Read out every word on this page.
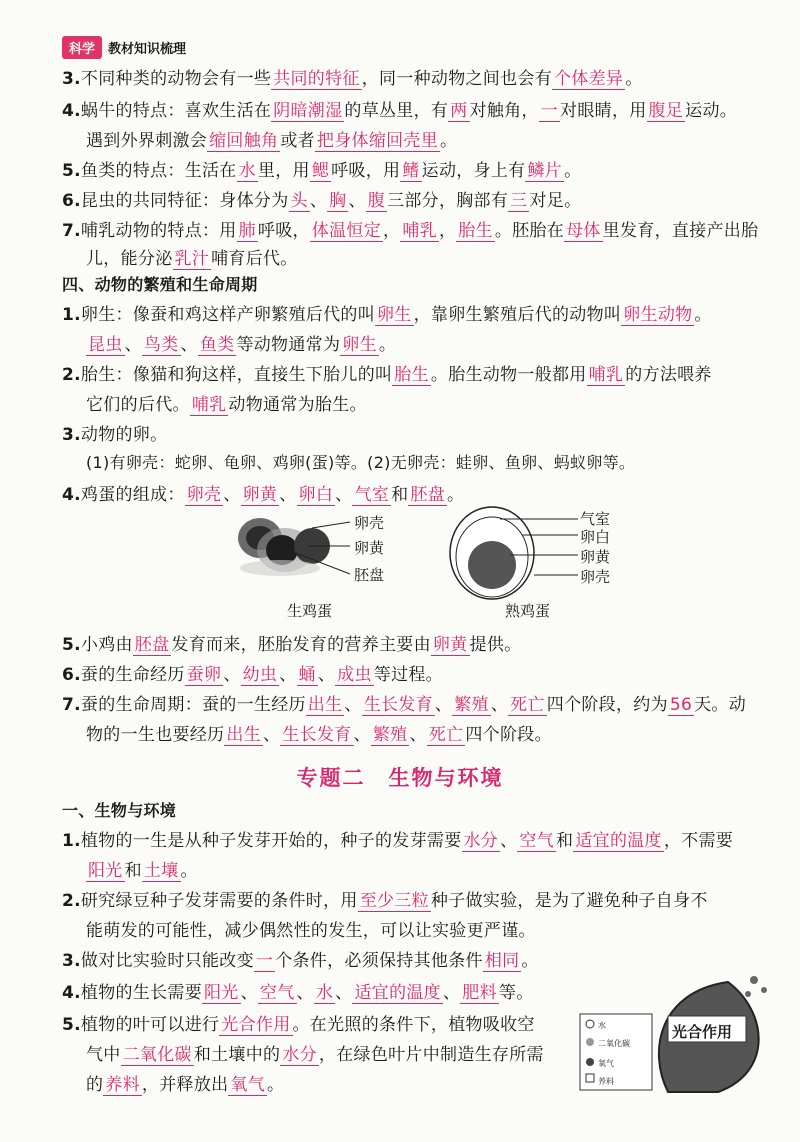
科学	教材知识梳理
3.不同种类的动物会有一些 共同的特征 ，同一种动物之间也会有 个体差异 。
4.蜗牛的特点：喜欢生活在 阴暗潮湿 的草丛里，有 两 对触角， 一 对眼睛，用 腹足 运动。
遇到外界刺激会 缩回触角 或者 把身体缩回壳里 。
5.鱼类的特点：生活在 水 里，用 鳃 呼吸，用 鳍 运动，身上有 鳞片 。
6.昆虫的共同特征：身体分为 头 、 胸 、 腹 三部分，胸部有 三 对足。
7.哺乳动物的特点：用 肺 呼吸， 体温恒定 ， 哺乳 ， 胎生 。胚胎在 母体 里发育，直接产出胎
儿，能分泌 乳汁 哺育后代。
四、动物的繁殖和生命周期
1.卵生：像蚕和鸡这样产卵繁殖后代的叫 卵生 ，靠卵生繁殖后代的动物叫 卵生动物 。
昆虫 、 鸟类 、 鱼类 等动物通常为 卵生 。
2.胎生：像猫和狗这样，直接生下胎儿的叫 胎生 。胎生动物一般都用 哺乳 的方法喂养
它们的后代。 哺乳 动物通常为胎生。
3.动物的卵。
(1)有卵壳：蛇卵、龟卵、鸡卵(蛋)等。(2)无卵壳：蛙卵、鱼卵、蚂蚁卵等。
4.鸡蛋的组成： 卵壳 、 卵黄 、 卵白 、 气室 和 胚盘 。
卵壳
卵黄
胚盘
生鸡蛋
气室
卵白
卵黄
卵壳
熟鸡蛋
5.小鸡由 胚盘 发育而来，胚胎发育的营养主要由 卵黄 提供。
6.蚕的生命经历 蚕卵 、 幼虫 、 蛹 、 成虫 等过程。
7.蚕的生命周期：蚕的一生经历 出生 、 生长发育 、 繁殖 、 死亡 四个阶段，约为 56 天。动
物的一生也要经历 出生 、 生长发育 、 繁殖 、 死亡 四个阶段。
专题二　生物与环境
一、生物与环境
1.植物的一生是从种子发芽开始的，种子的发芽需要 水分 、 空气 和 适宜的温度 ，不需要
阳光 和 土壤 。
2.研究绿豆种子发芽需要的条件时，用 至少三粒 种子做实验，是为了避免种子自身不
能萌发的可能性，减少偶然性的发生，可以让实验更严谨。
3.做对比实验时只能改变 一 个条件，必须保持其他条件 相同 。
4.植物的生长需要 阳光 、 空气 、 水 、 适宜的温度 、 肥料 等。
5.植物的叶可以进行 光合作用 。在光照的条件下，植物吸收空
气中 二氧化碳 和土壤中的 水分 ，在绿色叶片中制造生存所需
的 养料 ，并释放出 氧气 。
水
二氧化碳
氧气
养料
光合作用
